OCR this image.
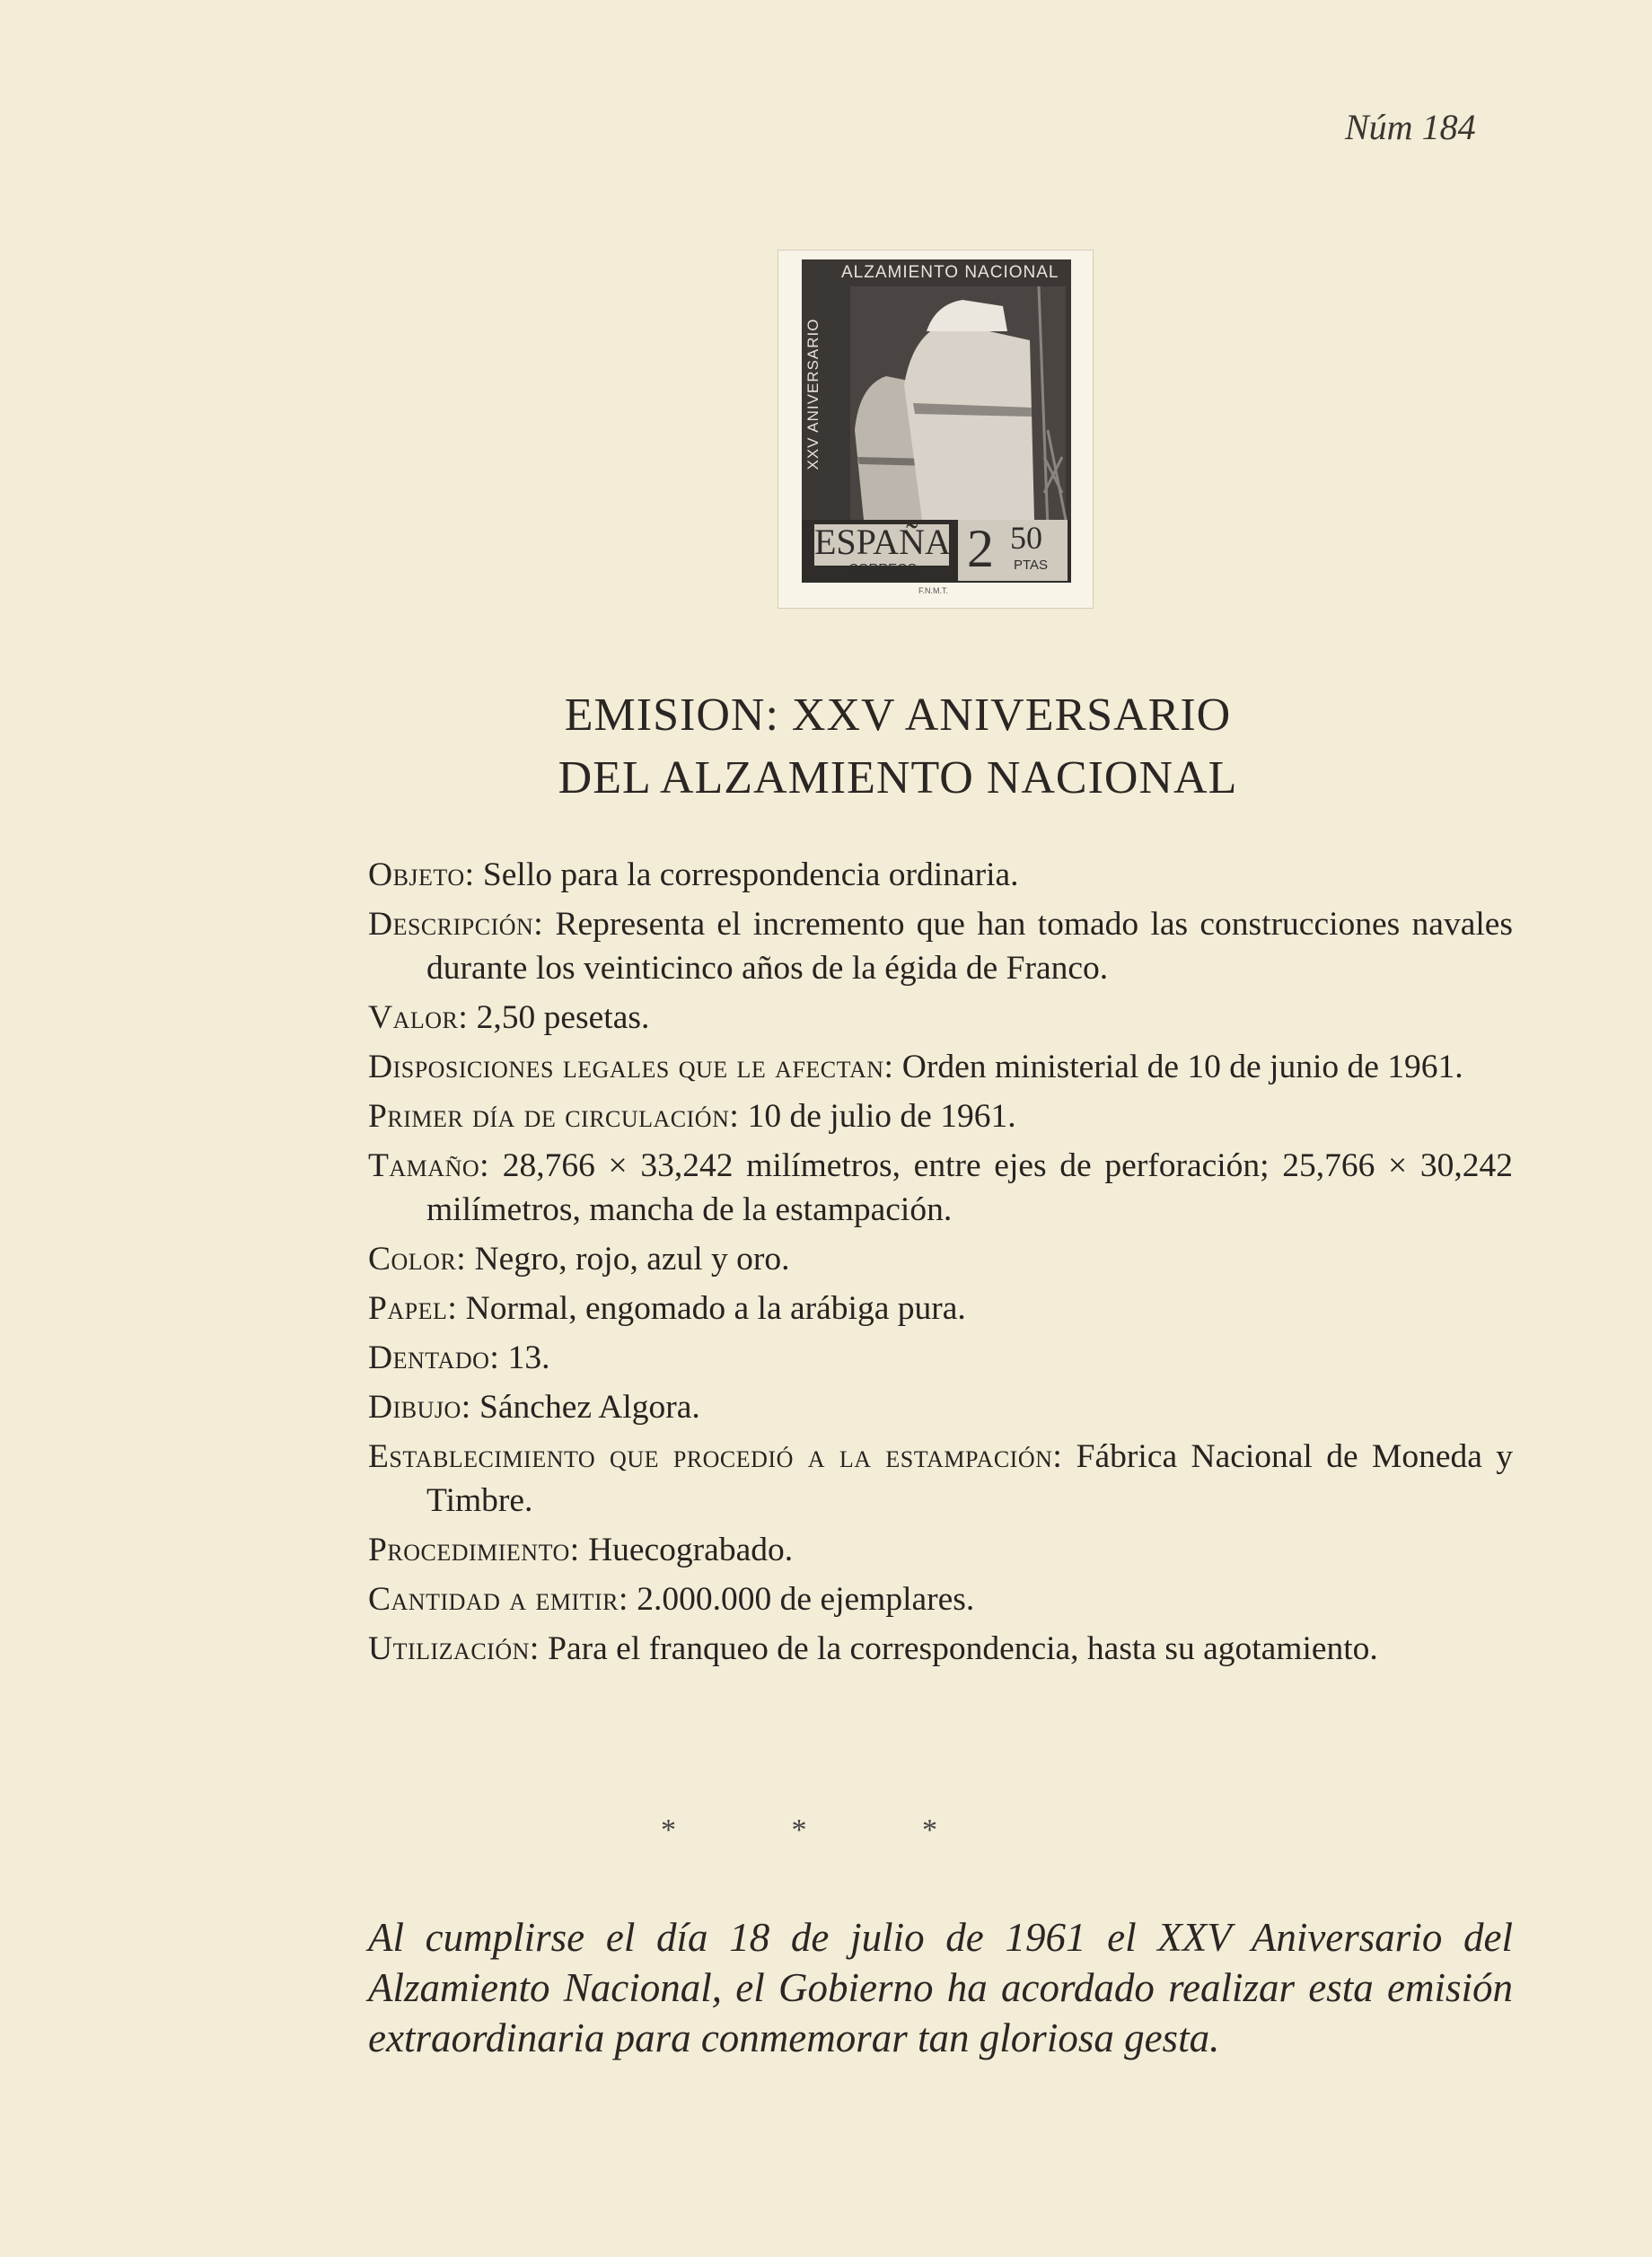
Núm 184
ALZAMIENTO NACIONAL
XXV ANIVERSARIO
ESPAÑA
CORREOS 2 50
PTAS
F.N.M.T.
EMISION: XXV ANIVERSARIO
DEL ALZAMIENTO NACIONAL

Objeto: Sello para la correspondencia ordinaria.

Descripción: Representa el incremento que han tomado las construcciones navales durante los veinticinco años de la égida de Franco.

Valor: 2,50 pesetas.

Disposiciones legales que le afectan: Orden ministerial de 10 de junio de 1961.

Primer día de circulación: 10 de julio de 1961.

Tamaño: 28,766 × 33,242 milímetros, entre ejes de perforación; 25,766 × 30,242 milímetros, mancha de la estampación.

Color: Negro, rojo, azul y oro.

Papel: Normal, engomado a la arábiga pura.

Dentado: 13.

Dibujo: Sánchez Algora.

Establecimiento que procedió a la estampación: Fábrica Nacional de Moneda y Timbre.

Procedimiento: Huecograbado.

Cantidad a emitir: 2.000.000 de ejemplares.

Utilización: Para el franqueo de la correspondencia, hasta su agotamiento.

* * *
Al cumplirse el día 18 de julio de 1961 el XXV Aniversario del Alzamiento Nacional, el Gobierno ha acordado realizar esta emisión extraordinaria para conmemorar tan gloriosa gesta.
